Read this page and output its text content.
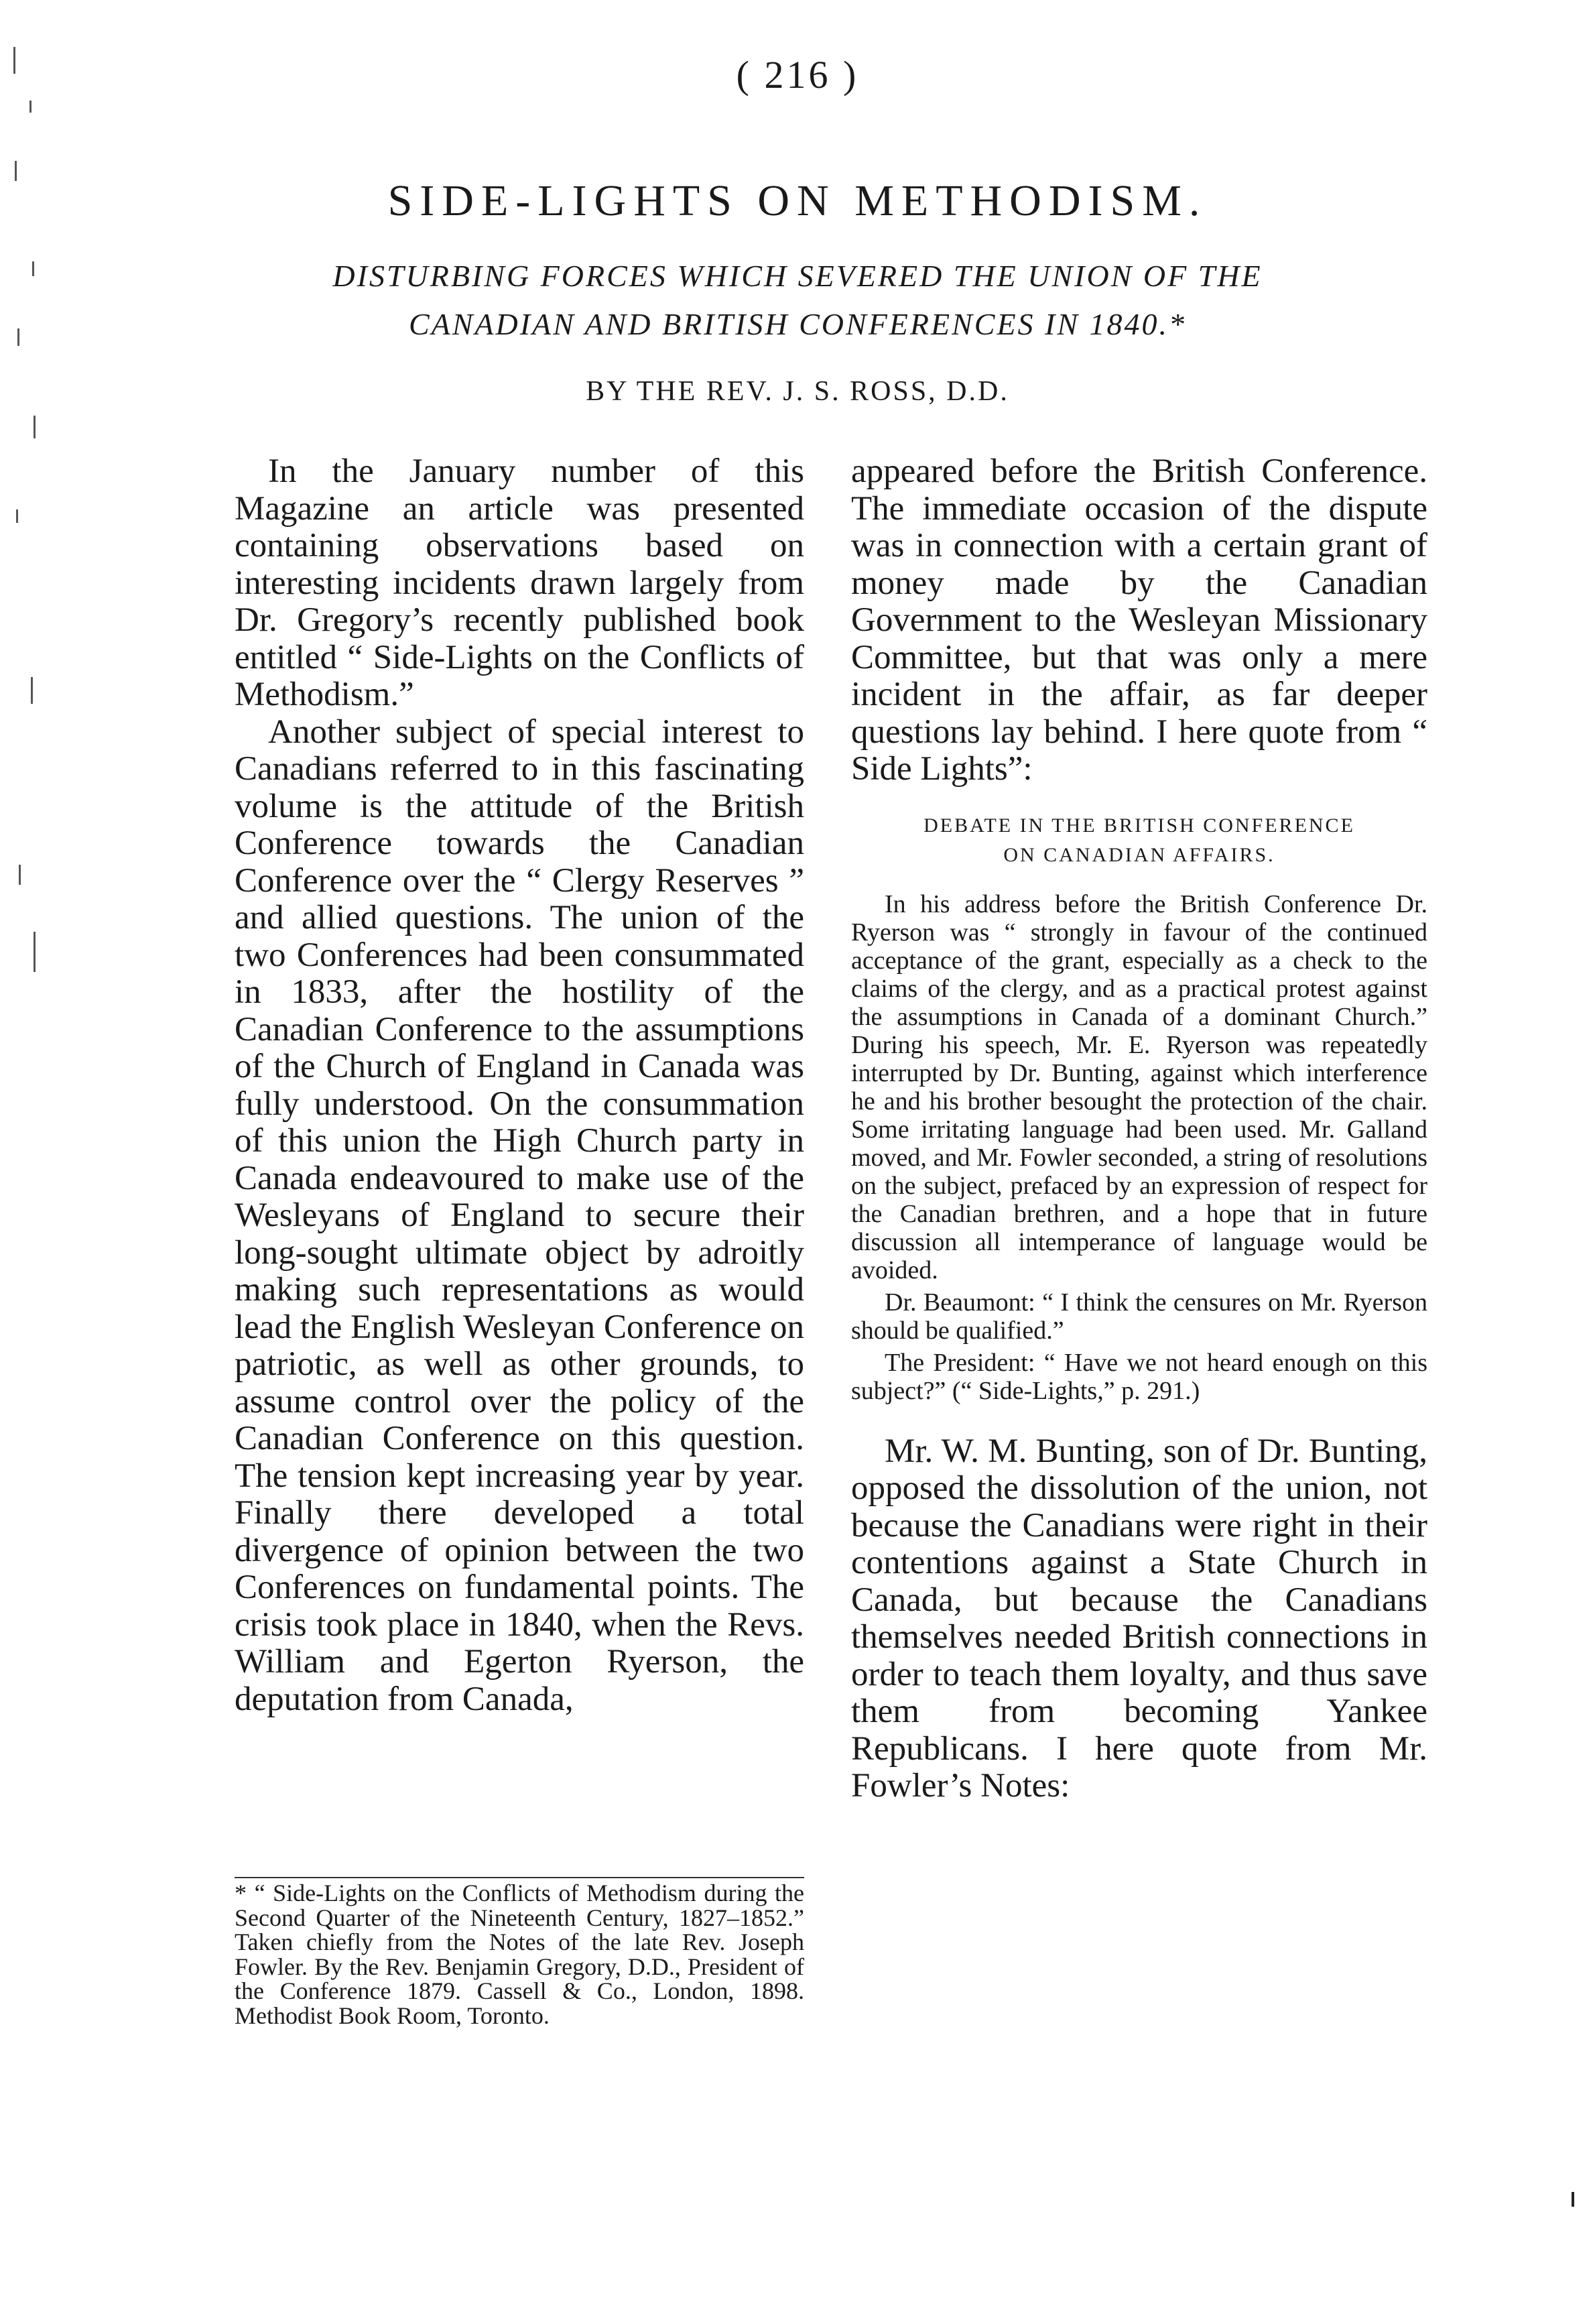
( 216 )
SIDE-LIGHTS ON METHODISM.
DISTURBING FORCES WHICH SEVERED THE UNION OF THE
CANADIAN AND BRITISH CONFERENCES IN 1840.*
BY THE REV. J. S. ROSS, D.D.

In the January number of this Magazine an article was presented containing observations based on interesting incidents drawn largely from Dr. Gregory’s recently published book entitled “ Side-Lights on the Conflicts of Methodism.”

Another subject of special interest to Canadians referred to in this fascinating volume is the attitude of the British Conference towards the Canadian Conference over the “ Clergy Reserves ” and allied questions. The union of the two Conferences had been consummated in 1833, after the hostility of the Canadian Conference to the assumptions of the Church of England in Canada was fully understood. On the consummation of this union the High Church party in Canada endeavoured to make use of the Wesleyans of England to secure their long-sought ultimate object by adroitly making such representations as would lead the English Wesleyan Conference on patriotic, as well as other grounds, to assume control over the policy of the Canadian Conference on this question. The tension kept increasing year by year. Finally there developed a total divergence of opinion between the two Conferences on fundamental points. The crisis took place in 1840, when the Revs. William and Egerton Ryerson, the deputation from Canada,

* “ Side-Lights on the Conflicts of Methodism during the Second Quarter of the Nineteenth Century, 1827–1852.” Taken chiefly from the Notes of the late Rev. Joseph Fowler. By the Rev. Benjamin Gregory, D.D., President of the Conference 1879. Cassell & Co., London, 1898. Methodist Book Room, Toronto.

appeared before the British Conference. The immediate occasion of the dispute was in connection with a certain grant of money made by the Canadian Government to the Wesleyan Missionary Committee, but that was only a mere incident in the affair, as far deeper questions lay behind. I here quote from “ Side Lights”:

DEBATE IN THE BRITISH CONFERENCE
ON CANADIAN AFFAIRS.

In his address before the British Conference Dr. Ryerson was “ strongly in favour of the continued acceptance of the grant, especially as a check to the claims of the clergy, and as a practical protest against the assumptions in Canada of a dominant Church.” During his speech, Mr. E. Ryerson was repeatedly interrupted by Dr. Bunting, against which interference he and his brother besought the protection of the chair. Some irritating language had been used. Mr. Galland moved, and Mr. Fowler seconded, a string of resolutions on the subject, prefaced by an expression of respect for the Canadian brethren, and a hope that in future discussion all intemperance of language would be avoided.

Dr. Beaumont: “ I think the censures on Mr. Ryerson should be qualified.”

The President: “ Have we not heard enough on this subject?” (“ Side-Lights,” p. 291.)

Mr. W. M. Bunting, son of Dr. Bunting, opposed the dissolution of the union, not because the Canadians were right in their contentions against a State Church in Canada, but because the Canadians themselves needed British connections in order to teach them loyalty, and thus save them from becoming Yankee Republicans. I here quote from Mr. Fowler’s Notes:
